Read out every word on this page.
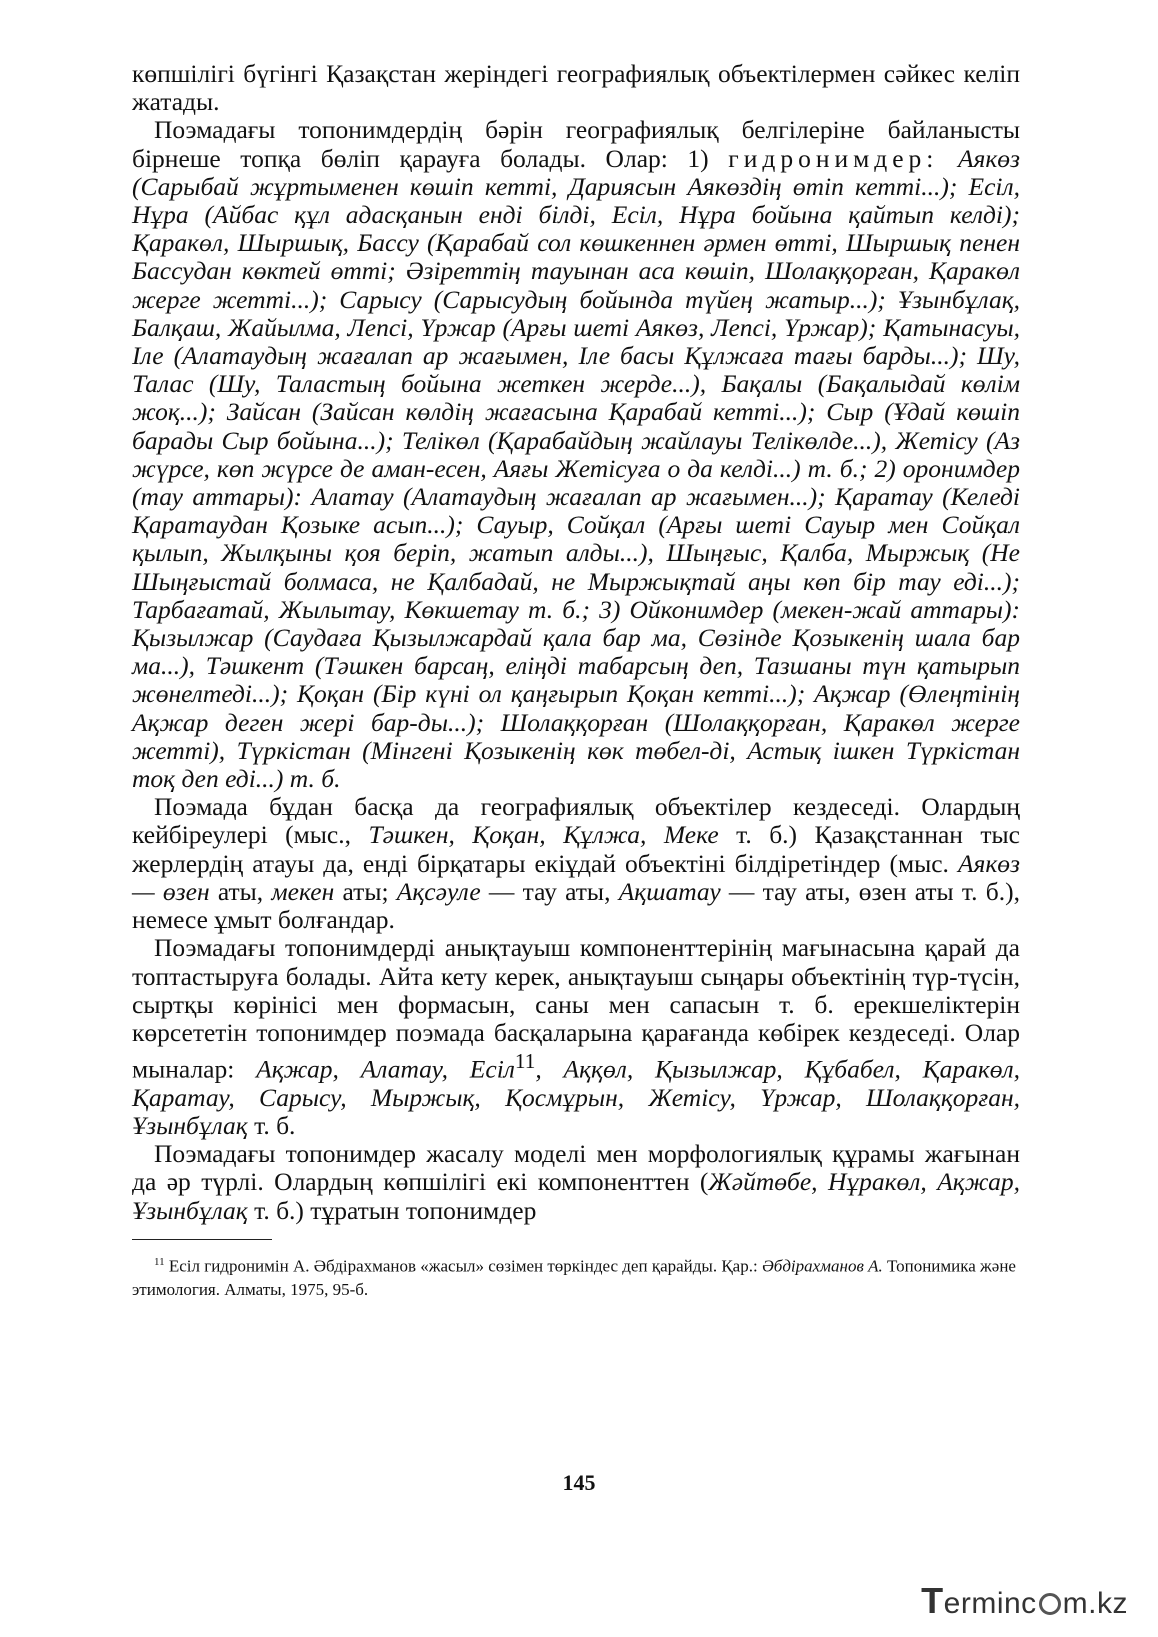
көпшілігі бүгінгі Қазақстан жеріндегі географиялық объектілермен сәйкес келіп жатады.

Поэмадағы топонимдердің бәрін географиялық белгілеріне байланысты бірнеше топқа бөліп қарауға болады. Олар: 1) гидронимдер: Аякөз (Сарыбай жұртыменен көшіп кетті, Дариясын Аякөздің өтіп кетті...); Есіл, Нұра (Айбас құл адасқанын енді білді, Есіл, Нұра бойына қайтып келді); Қаракөл, Шыршық, Бассу (Қарабай сол көшкеннен әрмен өтті, Шыршық пенен Бассудан көктей өтті; Әзіреттің тауынан аса көшіп, Шолаққорған, Қаракөл жерге жетті...); Сарысу (Сарысудың бойында түйең жатыр...); Ұзынбұлақ, Балқаш, Жайылма, Лепсі, Үржар (Арғы шеті Аякөз, Лепсі, Үржар); Қатынасуы, Іле (Алатаудың жағалап ар жағымен, Іле басы Құлжаға тағы барды...); Шу, Талас (Шу, Таластың бойына жеткен жерде...), Бақалы (Бақалыдай көлім жоқ...); Зайсан (Зайсан көлдің жағасына Қарабай кетті...); Сыр (Ұдай көшіп барады Сыр бойына...); Телікөл (Қарабайдың жайлауы Телікөлде...), Жетісу (Аз жүрсе, көп жүрсе де аман-есен, Аяғы Жетісуға о да келді...) т. б.; 2) оронимдер (тау аттары): Алатау (Алатаудың жағалап ар жағымен...); Қаратау (Келеді Қаратаудан Қозыке асып...); Сауыр, Сойқал (Арғы шеті Сауыр мен Сойқал қылып, Жылқыны қоя беріп, жатып алды...), Шыңғыс, Қалба, Мыржық (Не Шыңғыстай болмаса, не Қалбадай, не Мыржықтай аңы көп бір тау еді...); Тарбағатай, Жылытау, Көкшетау т. б.; 3) Ойконимдер (мекен-жай аттары): Қызылжар (Саудаға Қызылжардай қала бар ма, Сөзінде Қозыкенің шала бар ма...), Тәшкент (Тәшкен барсаң, еліңді табарсың деп, Тазшаны түн қатырып жөнелтеді...); Қоқан (Бір күні ол қаңғырып Қоқан кетті...); Ақжар (Өлеңтінің Ақжар деген жері бар-ды...); Шолаққорған (Шолаққорған, Қаракөл жерге жетті), Түркістан (Мінгені Қозыкенің көк төбел-ді, Астық ішкен Түркістан тоқ деп еді...) т. б.

Поэмада бұдан басқа да географиялық объектілер кездеседі. Олардың кейбіреулері (мыс., Тәшкен, Қоқан, Құлжа, Меке т. б.) Қазақстаннан тыс жерлердің атауы да, енді бірқатары екіұдай объектіні білдіретіндер (мыс. Аякөз — өзен аты, мекен аты; Ақсәуле — тау аты, Ақшатау — тау аты, өзен аты т. б.), немесе ұмыт болғандар.

Поэмадағы топонимдерді анықтауыш компоненттерінің мағынасына қарай да топтастыруға болады. Айта кету керек, анықтауыш сыңары объектінің түр-түсін, сыртқы көрінісі мен формасын, саны мен сапасын т. б. ерекшеліктерін көрсететін топонимдер поэмада басқаларына қарағанда көбірек кездеседі. Олар мыналар: Ақжар, Алатау, Есіл$^{11}$, Аққөл, Қызылжар, Құбабел, Қаракөл, Қаратау, Сарысу, Мыржық, Қосмұрын, Жетісу, Үржар, Шолаққорған, Ұзынбұлақ т. б.

Поэмадағы топонимдер жасалу моделі мен морфологиялық құрамы жағынан да әр түрлі. Олардың көпшілігі екі компоненттен (Жәйтөбе, Нұракөл, Ақжар, Ұзынбұлақ т. б.) тұратын топонимдер

$^{11}$ Есіл гидронимін А. Әбдірахманов «жасыл» сөзімен төркіндес деп қарайды. Қар.: Әбдірахманов А. Топонимика және этимология. Алматы, 1975, 95-б.

145
Terminc m.kz
